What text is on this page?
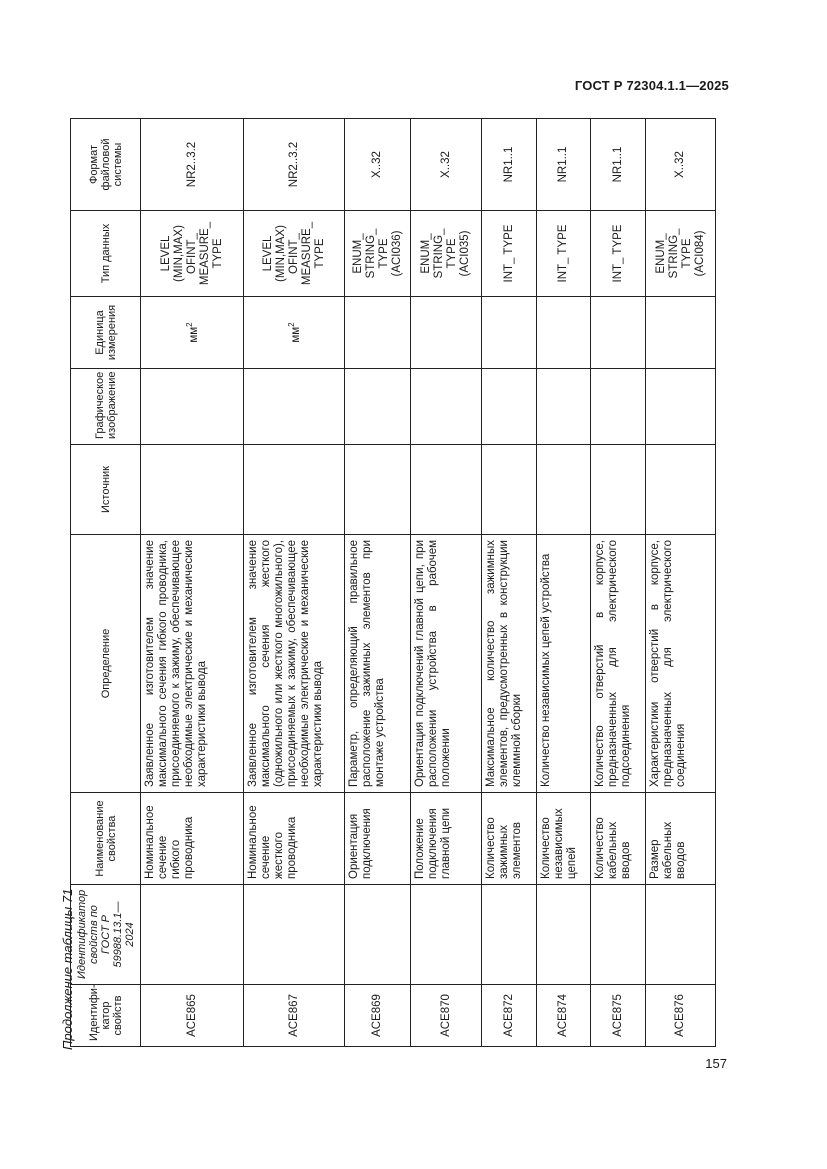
ГОСТ Р 72304.1.1—2025
Продолжение таблицы 71 Идентифи-катор свойств	Идентификатор свойств по ГОСТ Р 59988.13.1—2024	Наименование свойства	Определение	Источник	Графическое изображение	Единица измерения	Тип данных	Формат файловой системы
ACE865		Номинальное сечение гибкого проводника	Заявленное изготовителем значение максимального сечения гибкого проводника, присоединяемого к зажиму, обеспечивающее необходимые электрические и механические характеристики вывода			$мм^2$	LEVEL (MIN,MAX) OFINT_ MEASURE_ TYPE	NR2..3.2
ACE867		Номинальное сечение жесткого проводника	Заявленное изготовителем значение максимального сечения жесткого (одножильного или жесткого многожильного), присоединяемых к зажиму, обеспечивающее необходимые электрические и механические характеристики вывода			$мм^2$	LEVEL (MIN,MAX) OFINT_ MEASURE_ TYPE	NR2..3.2
ACE869		Ориентация подключения	Параметр, определяющий правильное расположение зажимных элементов при монтаже устройства				ENUM_ STRING_ TYPE (ACI036)	X..32
ACE870		Положение подключения главной цепи	Ориентация подключений главной цепи, при расположении устройства в рабочем положении				ENUM_ STRING_ TYPE (ACI035)	X..32
ACE872		Количество зажимных элементов	Максимальное количество зажимных элементов, предусмотренных в конструкции клеммной сборки				INT_ TYPE	NR1..1
ACE874		Количество независимых цепей	Количество независимых цепей устройства				INT_ TYPE	NR1..1
ACE875		Количество кабельных вводов	Количество отверстий в корпусе, предназначенных для электрического подсоединения				INT_ TYPE	NR1..1
ACE876		Размер кабельных вводов	Характеристики отверстий в корпусе, предназначенных для электрического соединения				ENUM_ STRING_ TYPE (ACI084)	X..32
157
